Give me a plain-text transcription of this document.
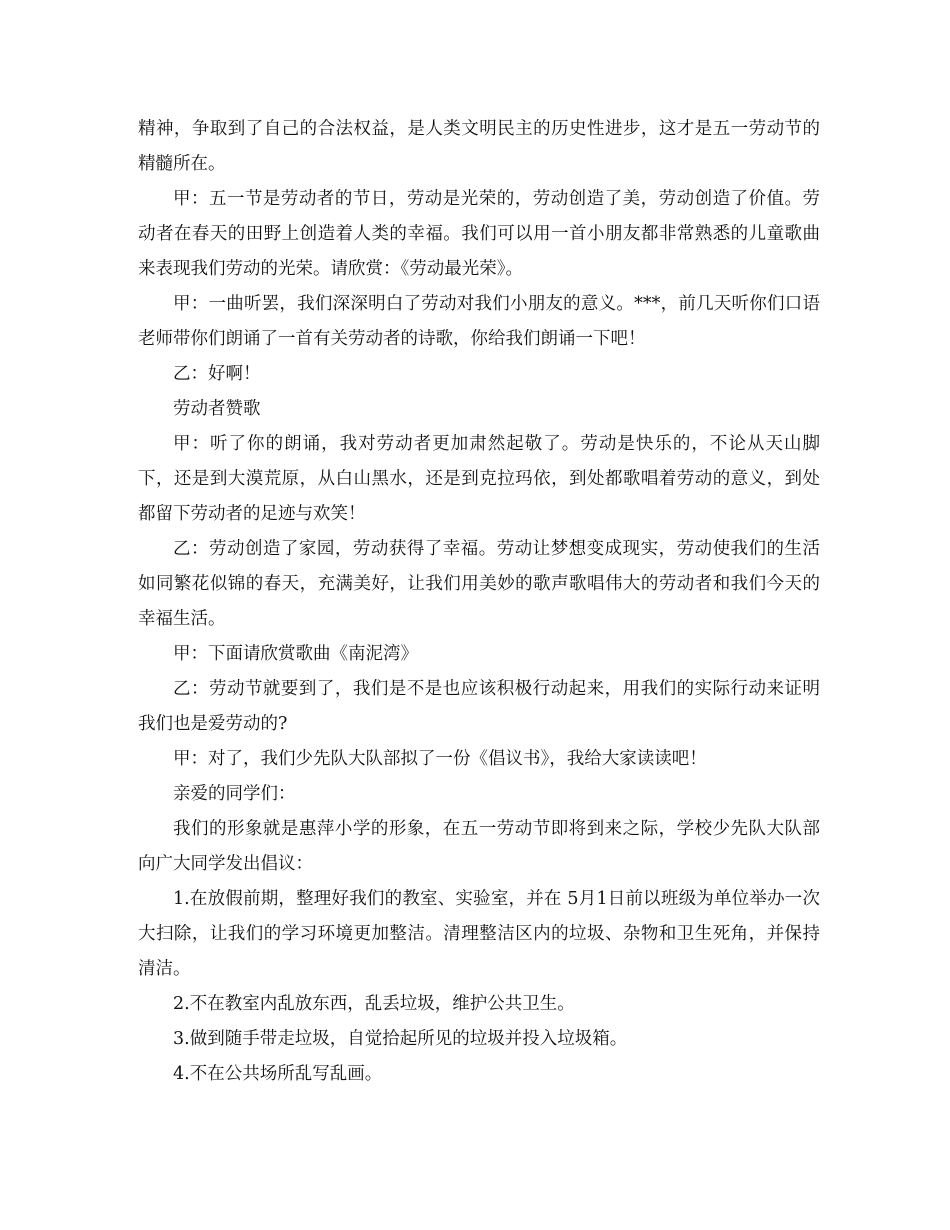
精神，争取到了自己的合法权益，是人类文明民主的历史性进步，这才是五一劳动节的精髓所在。

甲：五一节是劳动者的节日，劳动是光荣的，劳动创造了美，劳动创造了价值。劳动者在春天的田野上创造着人类的幸福。我们可以用一首小朋友都非常熟悉的儿童歌曲来表现我们劳动的光荣。请欣赏：《劳动最光荣》。

甲：一曲听罢，我们深深明白了劳动对我们小朋友的意义。***，前几天听你们口语老师带你们朗诵了一首有关劳动者的诗歌，你给我们朗诵一下吧！

乙：好啊！

劳动者赞歌

甲：听了你的朗诵，我对劳动者更加肃然起敬了。劳动是快乐的，不论从天山脚下，还是到大漠荒原，从白山黑水，还是到克拉玛依，到处都歌唱着劳动的意义，到处都留下劳动者的足迹与欢笑！

乙：劳动创造了家园，劳动获得了幸福。劳动让梦想变成现实，劳动使我们的生活如同繁花似锦的春天，充满美好，让我们用美妙的歌声歌唱伟大的劳动者和我们今天的幸福生活。

甲：下面请欣赏歌曲《南泥湾》

乙：劳动节就要到了，我们是不是也应该积极行动起来，用我们的实际行动来证明我们也是爱劳动的?

甲：对了，我们少先队大队部拟了一份《倡议书》，我给大家读读吧！

亲爱的同学们：

我们的形象就是惠萍小学的形象，在五一劳动节即将到来之际，学校少先队大队部向广大同学发出倡议：

1.在放假前期，整理好我们的教室、实验室，并在 5月1日前以班级为单位举办一次大扫除，让我们的学习环境更加整洁。清理整洁区内的垃圾、杂物和卫生死角，并保持清洁。

2.不在教室内乱放东西，乱丢垃圾，维护公共卫生。

3.做到随手带走垃圾，自觉拾起所见的垃圾并投入垃圾箱。

4.不在公共场所乱写乱画。
